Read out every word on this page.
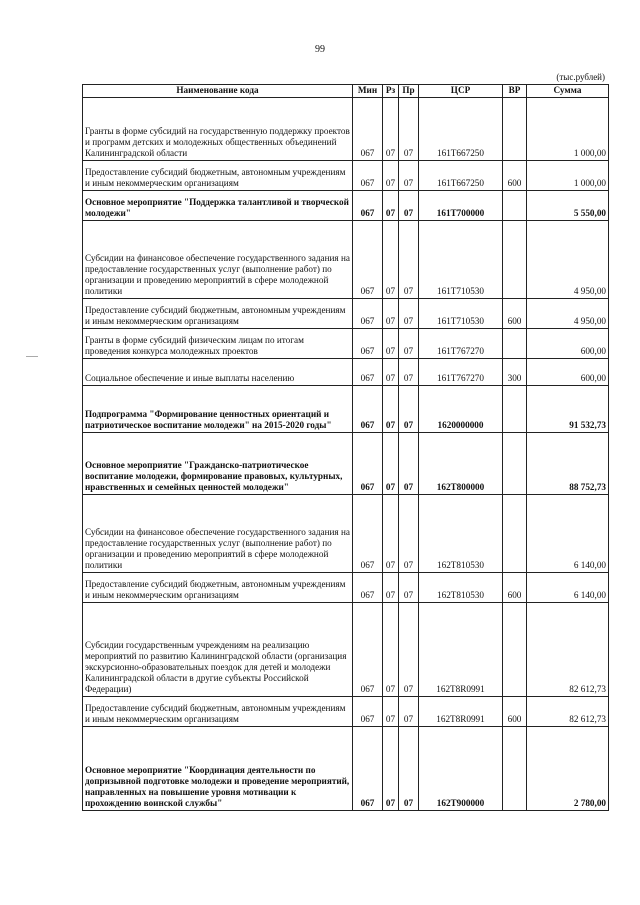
99
(тыс.рублей)
Наименование кода	Мин	Рз	Пр	ЦСР	ВР	Сумма
Гранты в форме субсидий на государственную поддержку проектов и программ детских и молодежных общественных объединений Калининградской области	067	07	07	161T667250		1 000,00
Предоставление субсидий бюджетным, автономным учреждениям и иным некоммерческим организациям	067	07	07	161T667250	600	1 000,00
Основное мероприятие "Поддержка талантливой и творческой молодежи"	067	07	07	161T700000		5 550,00
Субсидии на финансовое обеспечение государственного задания на предоставление государственных услуг (выполнение работ) по организации и проведению мероприятий в сфере молодежной политики	067	07	07	161T710530		4 950,00
Предоставление субсидий бюджетным, автономным учреждениям и иным некоммерческим организациям	067	07	07	161T710530	600	4 950,00
Гранты в форме субсидий физическим лицам по итогам проведения конкурса молодежных проектов	067	07	07	161T767270		600,00
Социальное обеспечение и иные выплаты населению	067	07	07	161T767270	300	600,00
Подпрограмма "Формирование ценностных ориентаций и патриотическое воспитание молодежи" на 2015-2020 годы"	067	07	07	1620000000		91 532,73
Основное мероприятие "Гражданско-патриотическое воспитание молодежи, формирование правовых, культурных, нравственных и семейных ценностей молодежи"	067	07	07	162T800000		88 752,73
Субсидии на финансовое обеспечение государственного задания на предоставление государственных услуг (выполнение работ) по организации и проведению мероприятий в сфере молодежной политики	067	07	07	162T810530		6 140,00
Предоставление субсидий бюджетным, автономным учреждениям и иным некоммерческим организациям	067	07	07	162T810530	600	6 140,00
Субсидии государственным учреждениям на реализацию мероприятий по развитию Калининградской области (организация экскурсионно-образовательных поездок для детей и молодежи Калининградской области в другие субъекты Российской Федерации)	067	07	07	162T8R0991		82 612,73
Предоставление субсидий бюджетным, автономным учреждениям и иным некоммерческим организациям	067	07	07	162T8R0991	600	82 612,73
Основное мероприятие "Координация деятельности по допризывной подготовке молодежи и проведение мероприятий, направленных на повышение уровня мотивации к прохождению воинской службы"	067	07	07	162T900000		2 780,00
